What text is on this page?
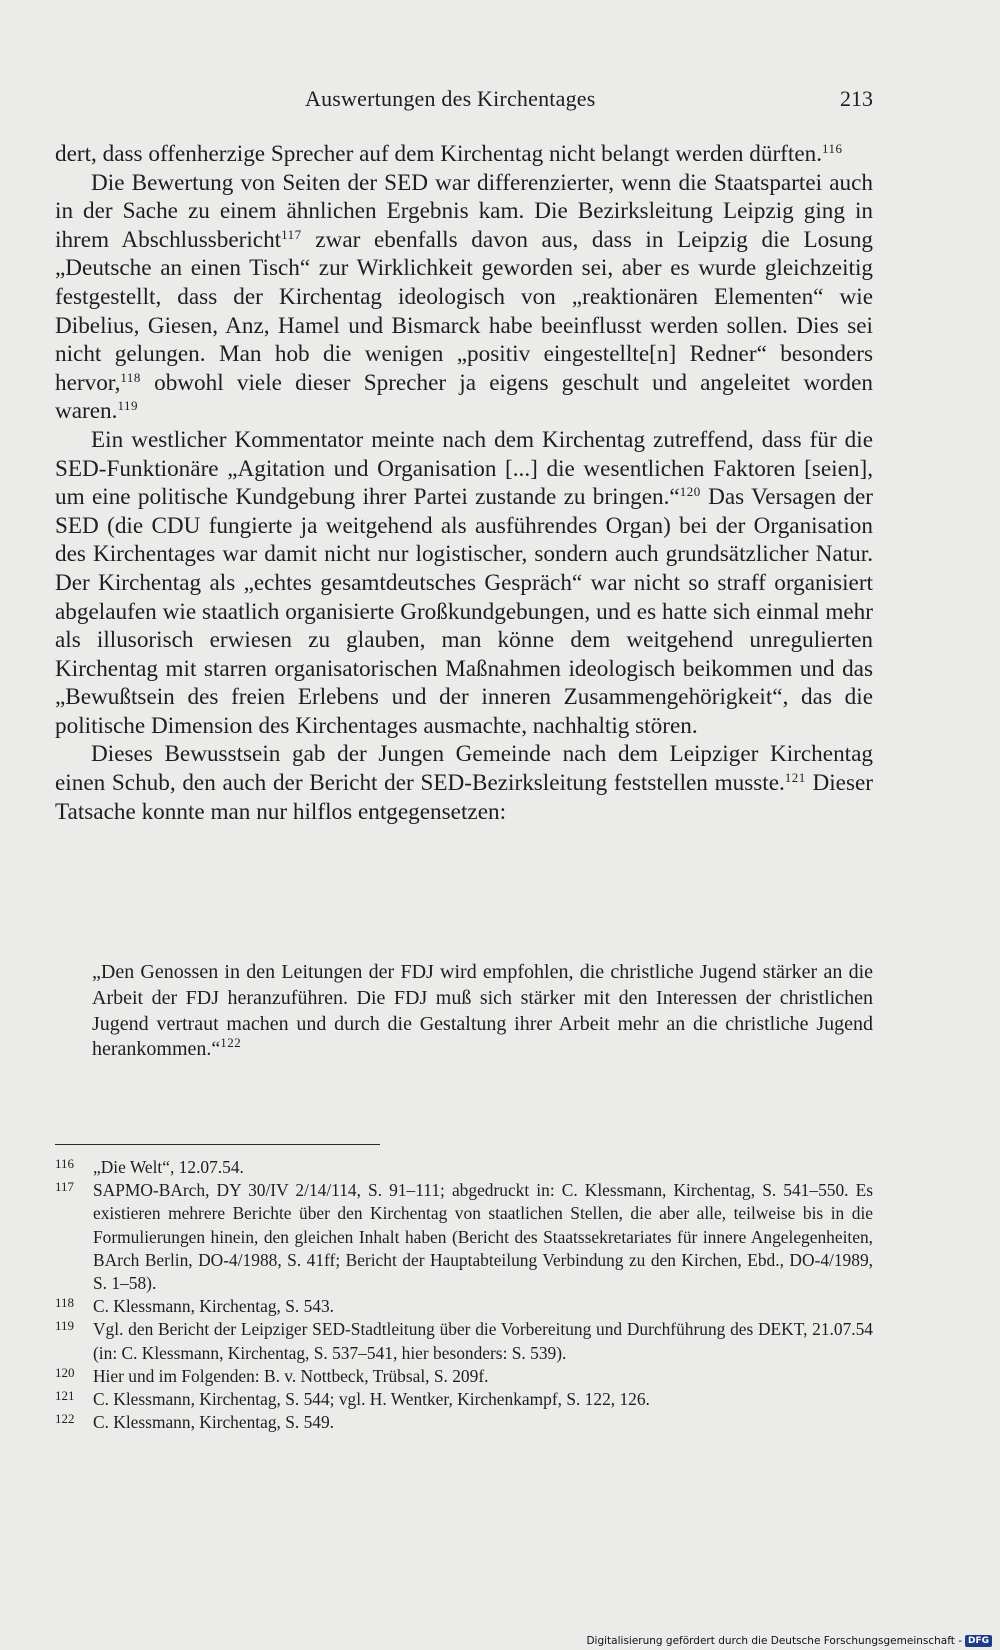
Auswertungen des Kirchentages	213

dert, dass offenherzige Sprecher auf dem Kirchentag nicht belangt werden dürften.$^{116}$

Die Bewertung von Seiten der SED war differenzierter, wenn die Staatspartei auch in der Sache zu einem ähnlichen Ergebnis kam. Die Bezirksleitung Leipzig ging in ihrem Abschlussbericht$^{117}$ zwar ebenfalls davon aus, dass in Leipzig die Losung „Deutsche an einen Tisch“ zur Wirklichkeit geworden sei, aber es wurde gleichzeitig festgestellt, dass der Kirchentag ideologisch von „reaktionären Elementen“ wie Dibelius, Giesen, Anz, Hamel und Bismarck habe beeinflusst werden sollen. Dies sei nicht gelungen. Man hob die wenigen „positiv eingestellte[n] Redner“ besonders hervor,$^{118}$ obwohl viele dieser Sprecher ja eigens geschult und angeleitet worden waren.$^{119}$

Ein westlicher Kommentator meinte nach dem Kirchentag zutreffend, dass für die SED-Funktionäre „Agitation und Organisation [...] die wesentlichen Faktoren [seien], um eine politische Kundgebung ihrer Partei zustande zu bringen.“$^{120}$ Das Versagen der SED (die CDU fungierte ja weitgehend als ausführendes Organ) bei der Organisation des Kirchentages war damit nicht nur logistischer, sondern auch grundsätzlicher Natur. Der Kirchentag als „echtes gesamtdeutsches Gespräch“ war nicht so straff organisiert abgelaufen wie staatlich organisierte Großkundgebungen, und es hatte sich einmal mehr als illusorisch erwiesen zu glauben, man könne dem weitgehend unregulierten Kirchentag mit starren organisatorischen Maßnahmen ideologisch beikommen und das „Bewußtsein des freien Erlebens und der inneren Zusammengehörigkeit“, das die politische Dimension des Kirchentages ausmachte, nachhaltig stören.

Dieses Bewusstsein gab der Jungen Gemeinde nach dem Leipziger Kirchentag einen Schub, den auch der Bericht der SED-Bezirksleitung feststellen musste.$^{121}$ Dieser Tatsache konnte man nur hilflos entgegensetzen:

„Den Genossen in den Leitungen der FDJ wird empfohlen, die christliche Jugend stärker an die Arbeit der FDJ heranzuführen. Die FDJ muß sich stärker mit den Interessen der christlichen Jugend vertraut machen und durch die Gestaltung ihrer Arbeit mehr an die christliche Jugend herankommen.“$^{122}$

116 „Die Welt“, 12.07.54.
117 SAPMO-BArch, DY 30/IV 2/14/114, S. 91–111; abgedruckt in: C. Klessmann, Kirchentag, S. 541–550. Es existieren mehrere Berichte über den Kirchentag von staatlichen Stellen, die aber alle, teilweise bis in die Formulierungen hinein, den gleichen Inhalt haben (Bericht des Staatssekretariates für innere Angelegenheiten, BArch Berlin, DO-4/1988, S. 41ff; Bericht der Hauptabteilung Verbindung zu den Kirchen, Ebd., DO-4/1989, S. 1–58).
118 C. Klessmann, Kirchentag, S. 543.
119 Vgl. den Bericht der Leipziger SED-Stadtleitung über die Vorbereitung und Durchführung des DEKT, 21.07.54 (in: C. Klessmann, Kirchentag, S. 537–541, hier besonders: S. 539).
120 Hier und im Folgenden: B. v. Nottbeck, Trübsal, S. 209f.
121 C. Klessmann, Kirchentag, S. 544; vgl. H. Wentker, Kirchenkampf, S. 122, 126.
122 C. Klessmann, Kirchentag, S. 549.
Digitalisierung gefördert durch die Deutsche Forschungsgemeinschaft - DFG
